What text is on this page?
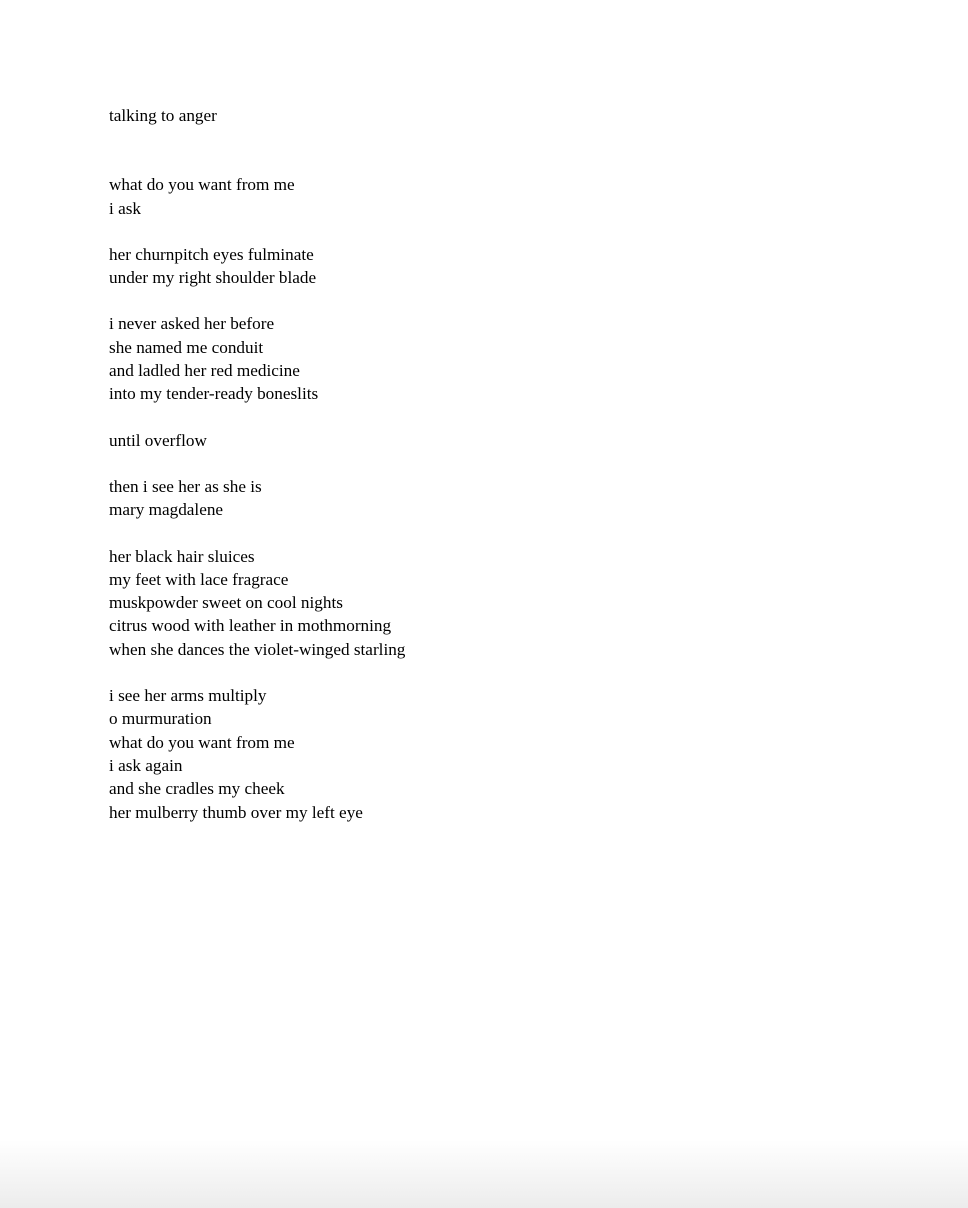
talking to anger
what do you want from me
i ask
her churnpitch eyes fulminate
under my right shoulder blade
i never asked her before
she named me conduit
and ladled her red medicine
into my tender-ready boneslits
until overflow
then i see her as she is
mary magdalene
her black hair sluices
my feet with lace fragrace
muskpowder sweet on cool nights
citrus wood with leather in mothmorning
when she dances the violet-winged starling
i see her arms multiply
o murmuration
what do you want from me
i ask again
and she cradles my cheek
her mulberry thumb over my left eye
